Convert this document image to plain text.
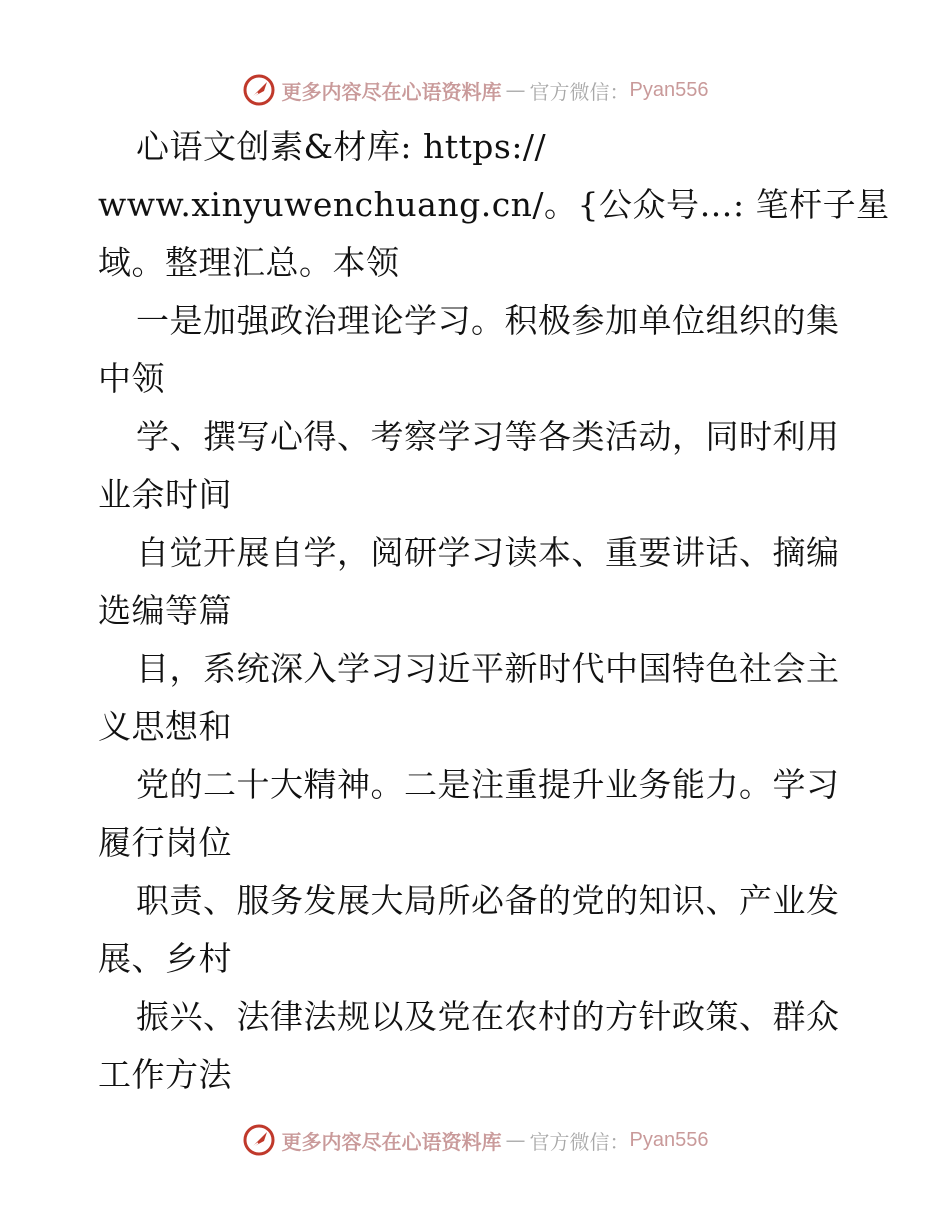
更多内容尽在心语资料库 — 官方微信： Pyan556
心语文创素&材库: https://
www.xinyuwenchuang.cn/。{公众号…: 笔杆子星
域。整理汇总。本领
一是加强政治理论学习。积极参加单位组织的集
中领
学、撰写心得、考察学习等各类活动，同时利用
业余时间
自觉开展自学，阅研学习读本、重要讲话、摘编
选编等篇
目，系统深入学习习近平新时代中国特色社会主
义思想和
党的二十大精神。二是注重提升业务能力。学习
履行岗位
职责、服务发展大局所必备的党的知识、产业发
展、乡村
振兴、法律法规以及党在农村的方针政策、群众
工作方法
更多内容尽在心语资料库 — 官方微信： Pyan556
